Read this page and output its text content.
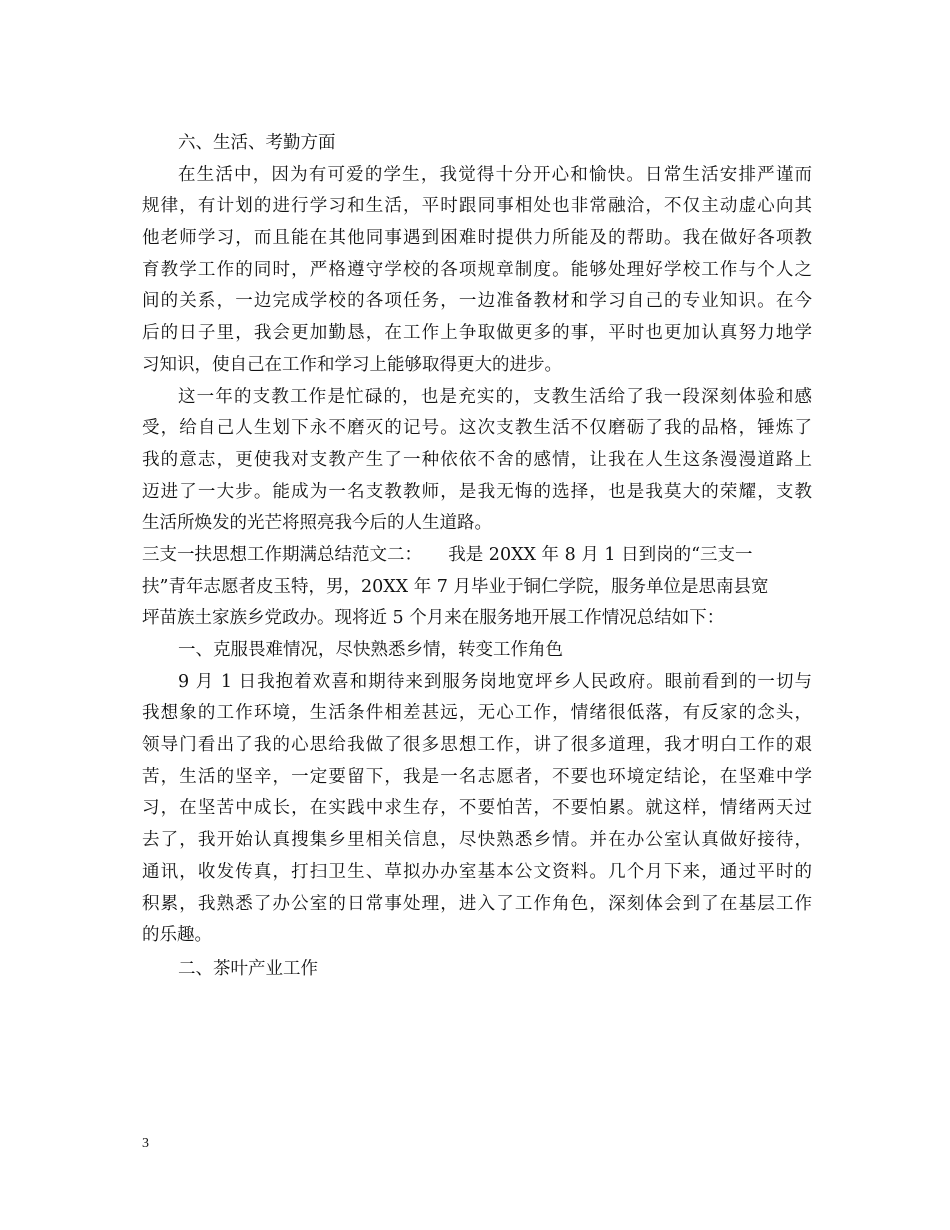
六、生活、考勤方面
在生活中，因为有可爱的学生，我觉得十分开心和愉快。日常生活安排严谨而
规律，有计划的进行学习和生活，平时跟同事相处也非常融洽，不仅主动虚心向其
他老师学习，而且能在其他同事遇到困难时提供力所能及的帮助。我在做好各项教
育教学工作的同时，严格遵守学校的各项规章制度。能够处理好学校工作与个人之
间的关系，一边完成学校的各项任务，一边准备教材和学习自己的专业知识。在今
后的日子里，我会更加勤恳，在工作上争取做更多的事，平时也更加认真努力地学
习知识，使自己在工作和学习上能够取得更大的进步。
这一年的支教工作是忙碌的，也是充实的，支教生活给了我一段深刻体验和感
受，给自己人生划下永不磨灭的记号。这次支教生活不仅磨砺了我的品格，锤炼了
我的意志，更使我对支教产生了一种依依不舍的感情，让我在人生这条漫漫道路上
迈进了一大步。能成为一名支教教师，是我无悔的选择，也是我莫大的荣耀，支教
生活所焕发的光芒将照亮我今后的人生道路。
三支一扶思想工作期满总结范文二：　　我是 20XX 年 8 月 1 日到岗的“三支一
扶”青年志愿者皮玉特，男，20XX 年 7 月毕业于铜仁学院，服务单位是思南县宽
坪苗族土家族乡党政办。现将近 5 个月来在服务地开展工作情况总结如下：
一、克服畏难情况，尽快熟悉乡情，转变工作角色
9 月 1 日我抱着欢喜和期待来到服务岗地宽坪乡人民政府。眼前看到的一切与
我想象的工作环境，生活条件相差甚远，无心工作，情绪很低落，有反家的念头，
领导门看出了我的心思给我做了很多思想工作，讲了很多道理，我才明白工作的艰
苦，生活的坚辛，一定要留下，我是一名志愿者，不要也环境定结论，在坚难中学
习，在坚苦中成长，在实践中求生存，不要怕苦，不要怕累。就这样，情绪两天过
去了，我开始认真搜集乡里相关信息，尽快熟悉乡情。并在办公室认真做好接待，
通讯，收发传真，打扫卫生、草拟办办室基本公文资料。几个月下来，通过平时的
积累，我熟悉了办公室的日常事处理，进入了工作角色，深刻体会到了在基层工作
的乐趣。
二、茶叶产业工作
3
